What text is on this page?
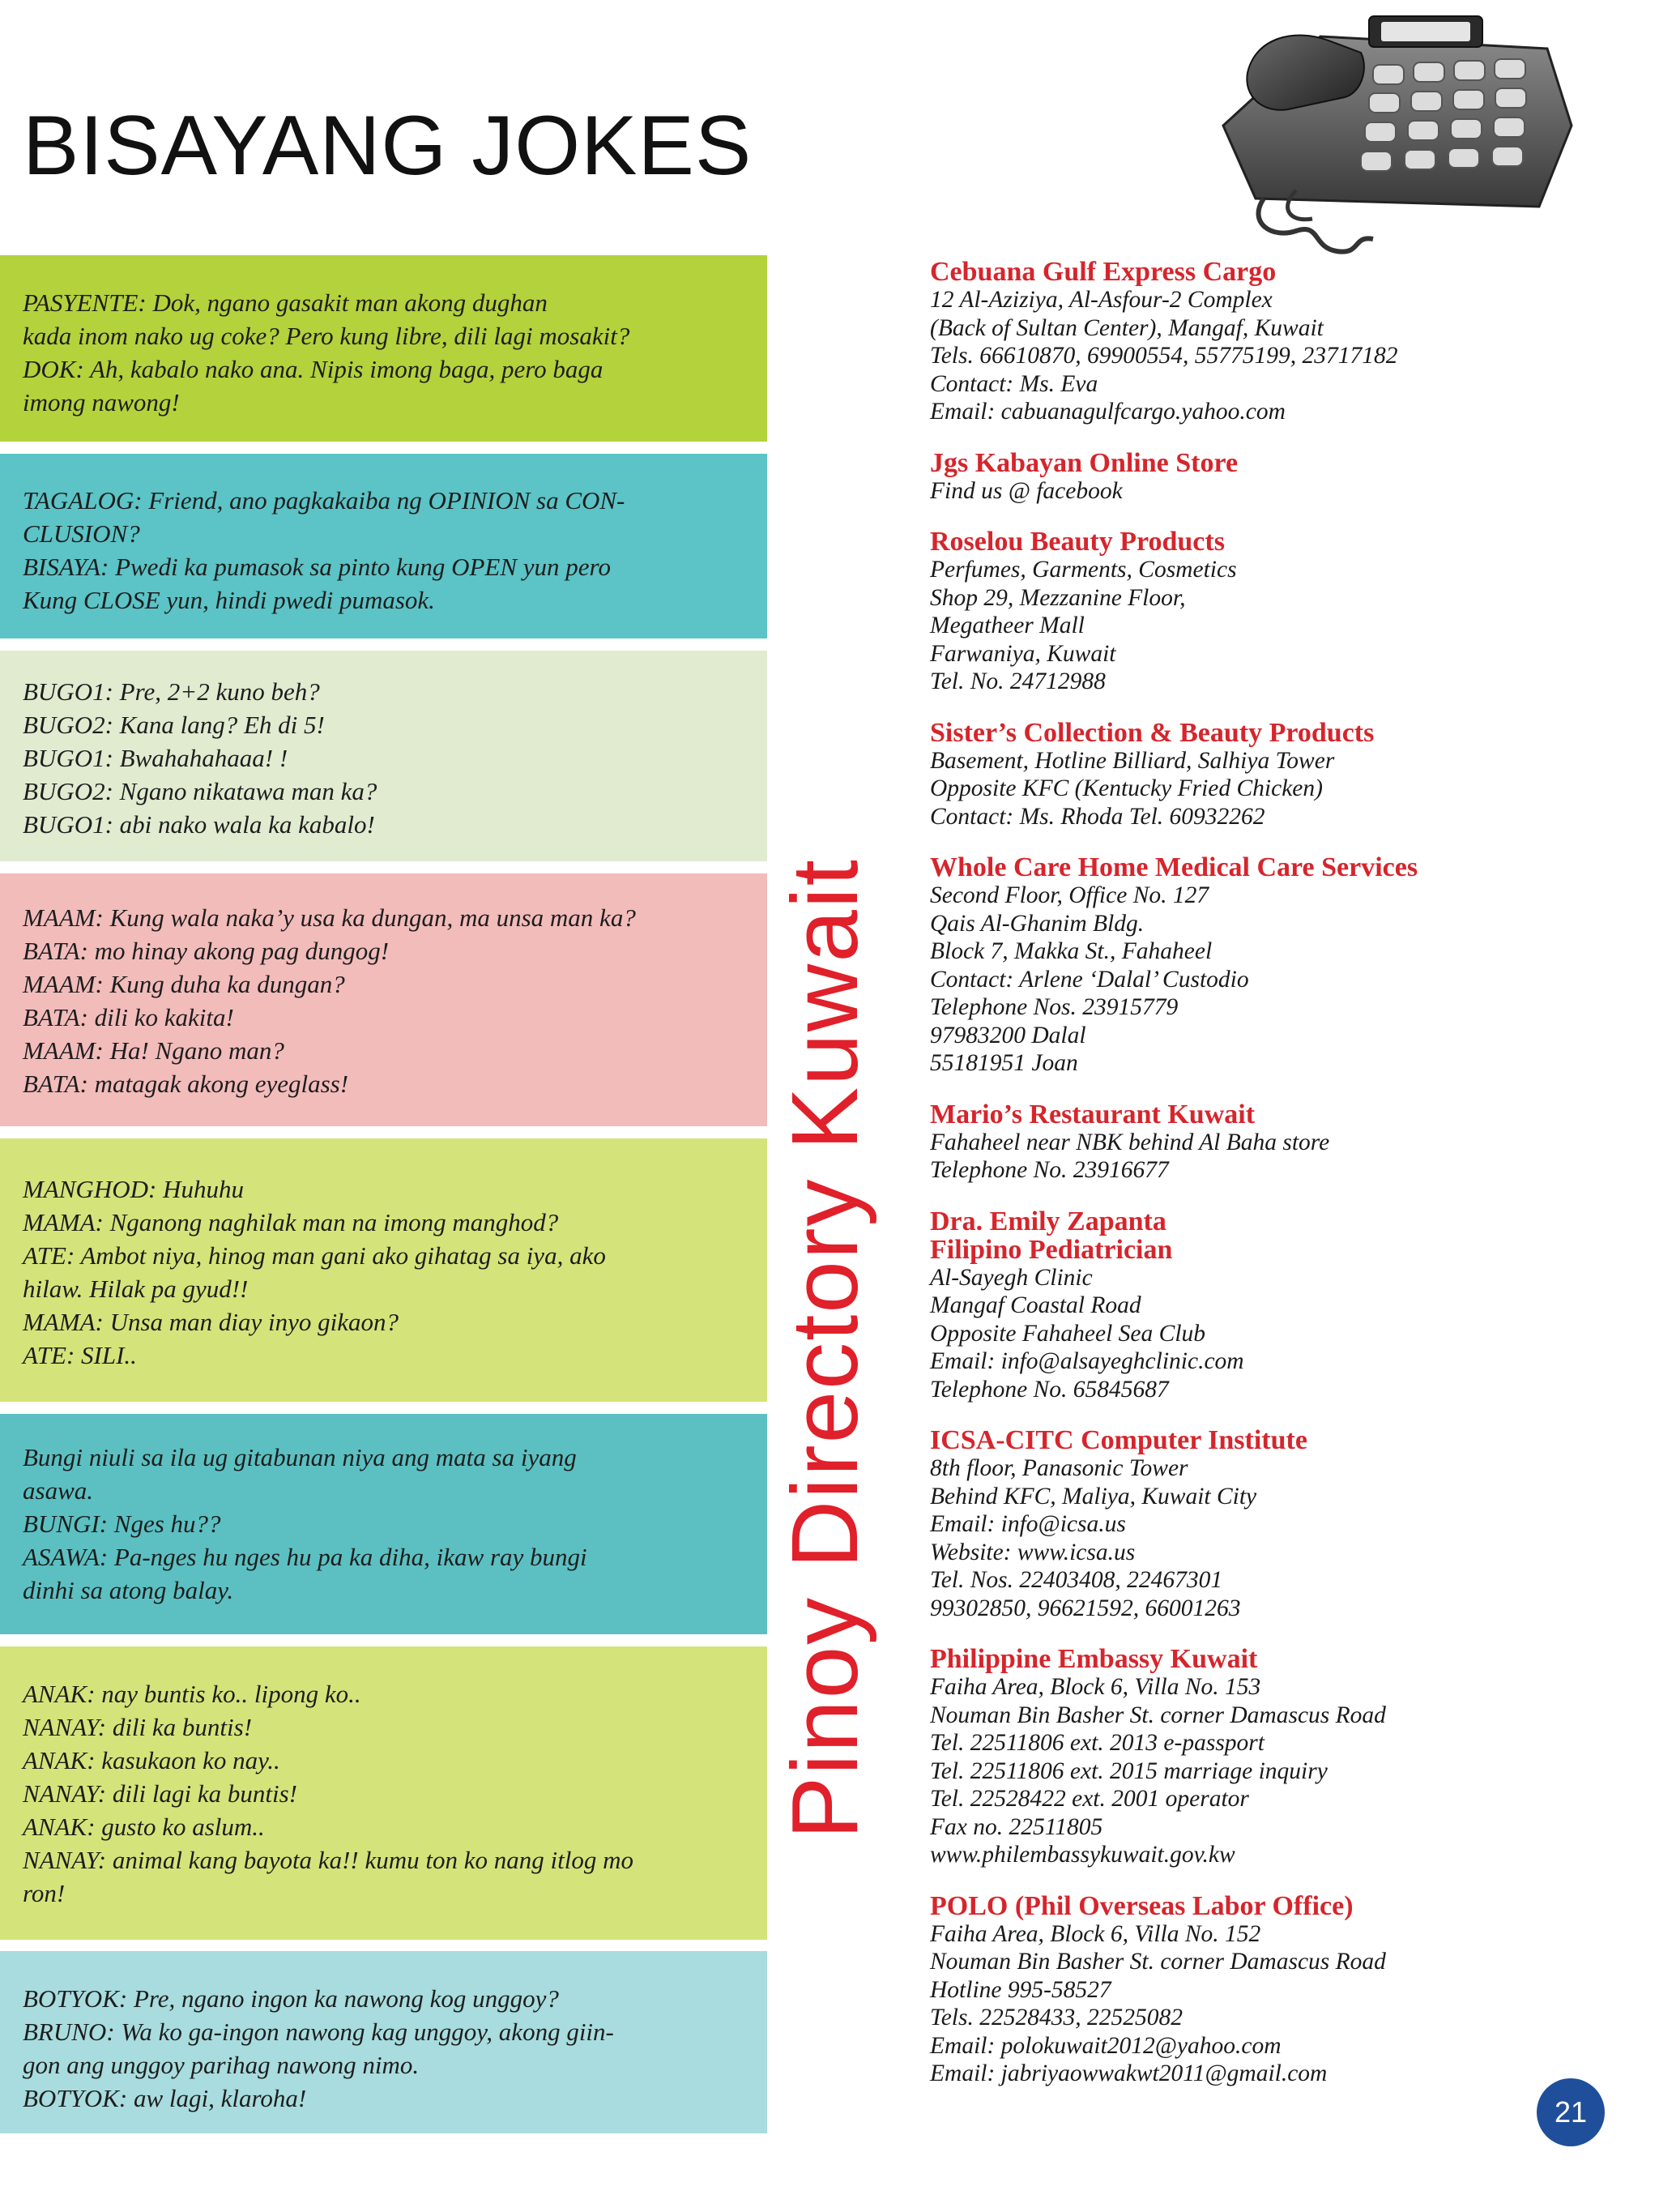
BISAYANG JOKES

PASYENTE: Dok, ngano gasakit man akong dughan

kada inom nako ug coke? Pero kung libre, dili lagi mosakit?

DOK: Ah, kabalo nako ana. Nipis imong baga, pero baga

imong nawong!

TAGALOG: Friend, ano pagkakaiba ng OPINION sa CON-

CLUSION?

BISAYA: Pwedi ka pumasok sa pinto kung OPEN yun pero

Kung CLOSE yun, hindi pwedi pumasok.

BUGO1: Pre, 2+2 kuno beh?

BUGO2: Kana lang? Eh di 5!

BUGO1: Bwahahahaaa! !

BUGO2: Ngano nikatawa man ka?

BUGO1: abi nako wala ka kabalo!

MAAM: Kung wala naka’y usa ka dungan, ma unsa man ka?

BATA: mo hinay akong pag dungog!

MAAM: Kung duha ka dungan?

BATA: dili ko kakita!

MAAM: Ha! Ngano man?

BATA: matagak akong eyeglass!

MANGHOD: Huhuhu

MAMA: Nganong naghilak man na imong manghod?

ATE: Ambot niya, hinog man gani ako gihatag sa iya, ako

hilaw. Hilak pa gyud!!

MAMA: Unsa man diay inyo gikaon?

ATE: SILI..

Bungi niuli sa ila ug gitabunan niya ang mata sa iyang

asawa.

BUNGI: Nges hu??

ASAWA: Pa-nges hu nges hu pa ka diha, ikaw ray bungi

dinhi sa atong balay.

ANAK: nay buntis ko.. lipong ko..

NANAY: dili ka buntis!

ANAK: kasukaon ko nay..

NANAY: dili lagi ka buntis!

ANAK: gusto ko aslum..

NANAY: animal kang bayota ka!! kumu ton ko nang itlog mo

ron!

BOTYOK: Pre, ngano ingon ka nawong kog unggoy?

BRUNO: Wa ko ga-ingon nawong kag unggoy, akong giin-

gon ang unggoy parihag nawong nimo.

BOTYOK: aw lagi, klaroha!

Pinoy Directory Kuwait

Cebuana Gulf Express Cargo

12 Al-Aziziya, Al-Asfour-2 Complex

(Back of Sultan Center), Mangaf, Kuwait

Tels. 66610870, 69900554, 55775199, 23717182

Contact: Ms. Eva

Email: cabuanagulfcargo.yahoo.com

Jgs Kabayan Online Store

Find us @ facebook

Roselou Beauty Products

Perfumes, Garments, Cosmetics

Shop 29, Mezzanine Floor,

Megatheer Mall

Farwaniya, Kuwait

Tel. No. 24712988

Sister’s Collection & Beauty Products

Basement, Hotline Billiard, Salhiya Tower

Opposite KFC (Kentucky Fried Chicken)

Contact: Ms. Rhoda Tel. 60932262

Whole Care Home Medical Care Services

Second Floor, Office No. 127

Qais Al-Ghanim Bldg.

Block 7, Makka St., Fahaheel

Contact: Arlene ‘Dalal’ Custodio

Telephone Nos. 23915779

97983200 Dalal

55181951 Joan

Mario’s Restaurant Kuwait

Fahaheel near NBK behind Al Baha store

Telephone No. 23916677

Dra. Emily Zapanta

Filipino Pediatrician

Al-Sayegh Clinic

Mangaf Coastal Road

Opposite Fahaheel Sea Club

Email: info@alsayeghclinic.com

Telephone No. 65845687

ICSA-CITC Computer Institute

8th floor, Panasonic Tower

Behind KFC, Maliya, Kuwait City

Email: info@icsa.us

Website: www.icsa.us

Tel. Nos. 22403408, 22467301

99302850, 96621592, 66001263

Philippine Embassy Kuwait

Faiha Area, Block 6, Villa No. 153

Nouman Bin Basher St. corner Damascus Road

Tel. 22511806 ext. 2013 e-passport

Tel. 22511806 ext. 2015 marriage inquiry

Tel. 22528422 ext. 2001 operator

Fax no. 22511805

www.philembassykuwait.gov.kw

POLO (Phil Overseas Labor Office)

Faiha Area, Block 6, Villa No. 152

Nouman Bin Basher St. corner Damascus Road

Hotline 995-58527

Tels. 22528433, 22525082

Email: polokuwait2012@yahoo.com

Email: jabriyaowwakwt2011@gmail.com

21
